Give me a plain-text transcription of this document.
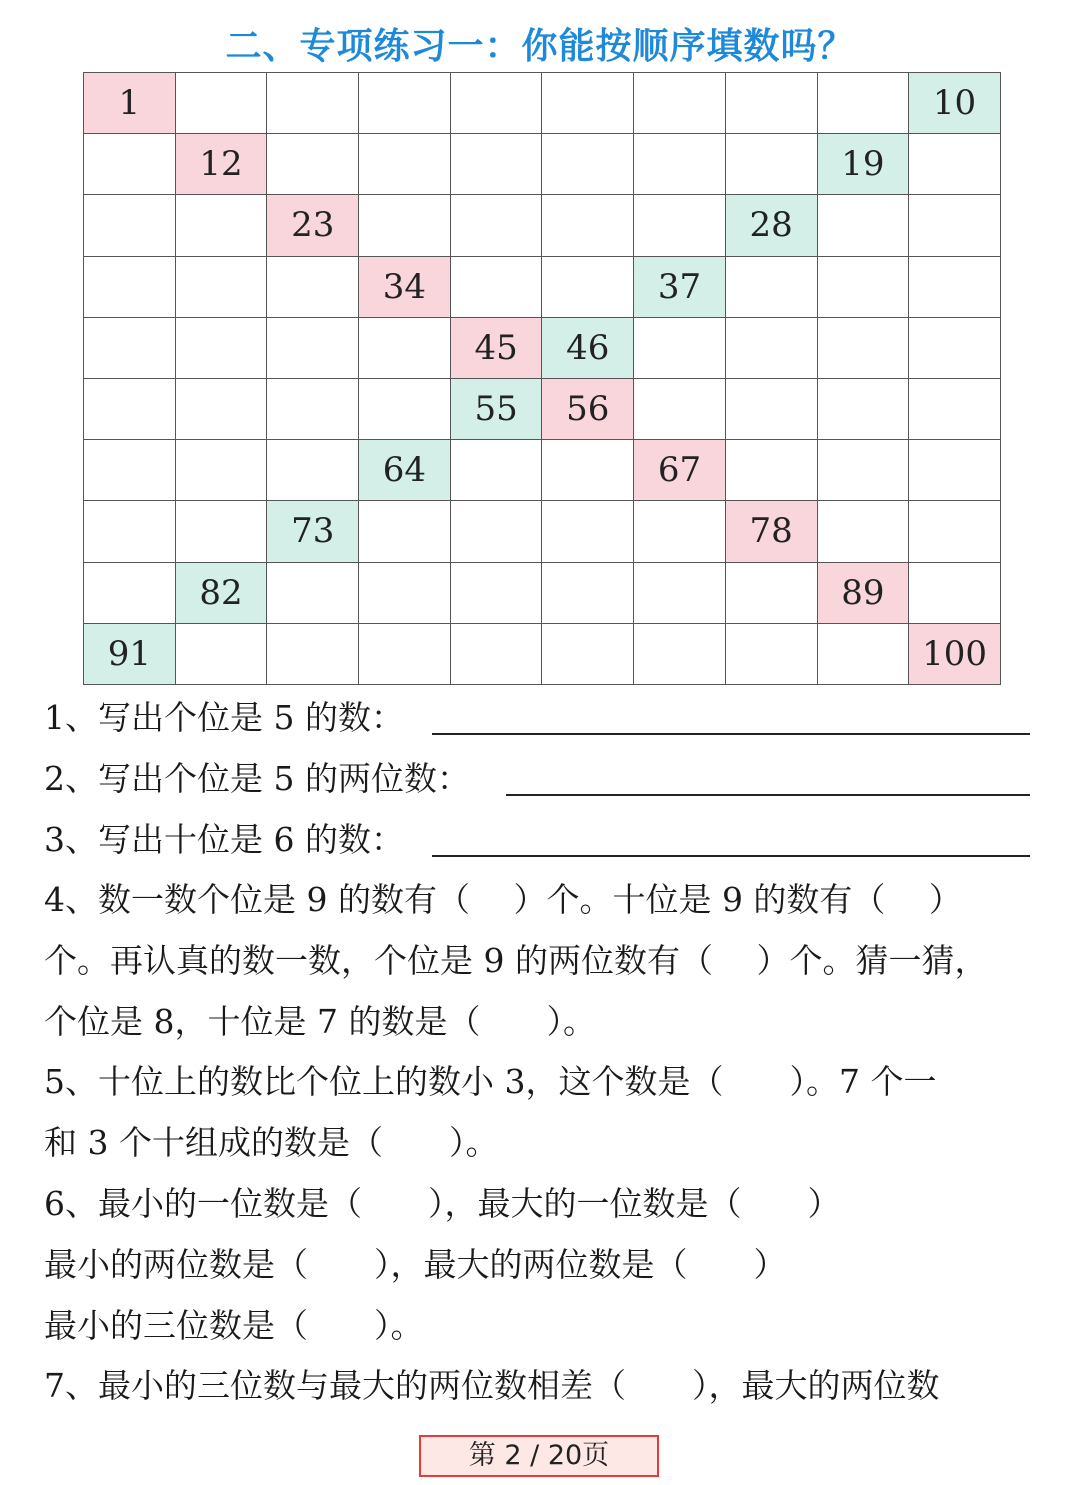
二、专项练习一：你能按顺序填数吗？
1									10
	12							19	
		23					28		
			34			37			
				45	46				
				55	56				
			64			67			
		73					78		
	82							89	
91									100
1、写出个位是 5 的数：
2、写出个位是 5 的两位数：
3、写出十位是 6 的数：
4、数一数个位是 9 的数有（　 ）个。十位是 9 的数有（　 ）
个。再认真的数一数，个位是 9 的两位数有（　 ）个。猜一猜，
个位是 8，十位是 7 的数是（　　）。
5、十位上的数比个位上的数小 3，这个数是（　　）。7 个一
和 3 个十组成的数是（　　）。
6、最小的一位数是（　　），最大的一位数是（　　）
最小的两位数是（　　），最大的两位数是（　　）
最小的三位数是（　　）。
7、最小的三位数与最大的两位数相差（　　），最大的两位数
第 2 / 20页
